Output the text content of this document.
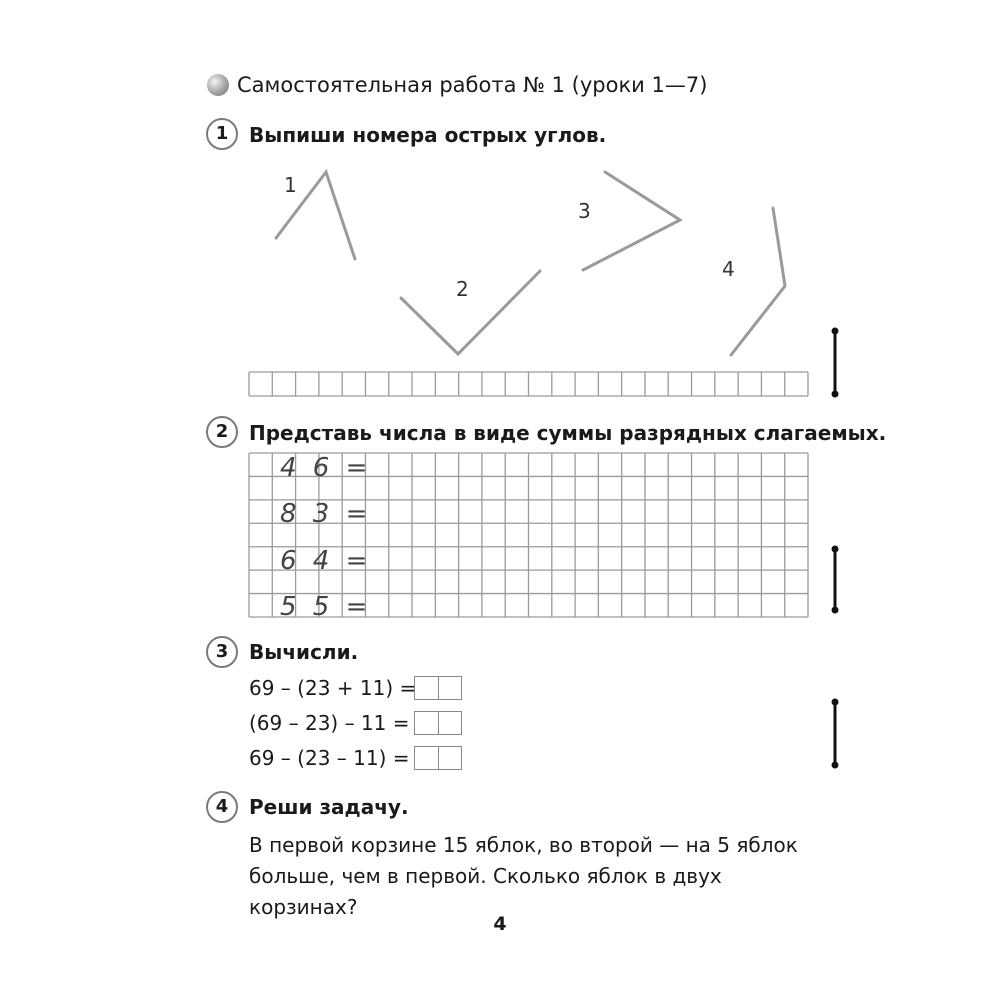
Самостоятельная работа № 1 (уроки 1—7)
1	Выпиши номера острых углов.
1
2
3
4
2	Представь числа в виде суммы разрядных слагаемых.
4 6 =
8 3 =
6 4 =
5 5 =
3	Вычисли.
69 – (23 + 11) =
(69 – 23) – 11 =
69 – (23 – 11) =
4	Реши задачу.
В первой корзине 15 яблок, во второй — на 5 яблок
больше, чем в первой. Сколько яблок в двух корзинах?
4
